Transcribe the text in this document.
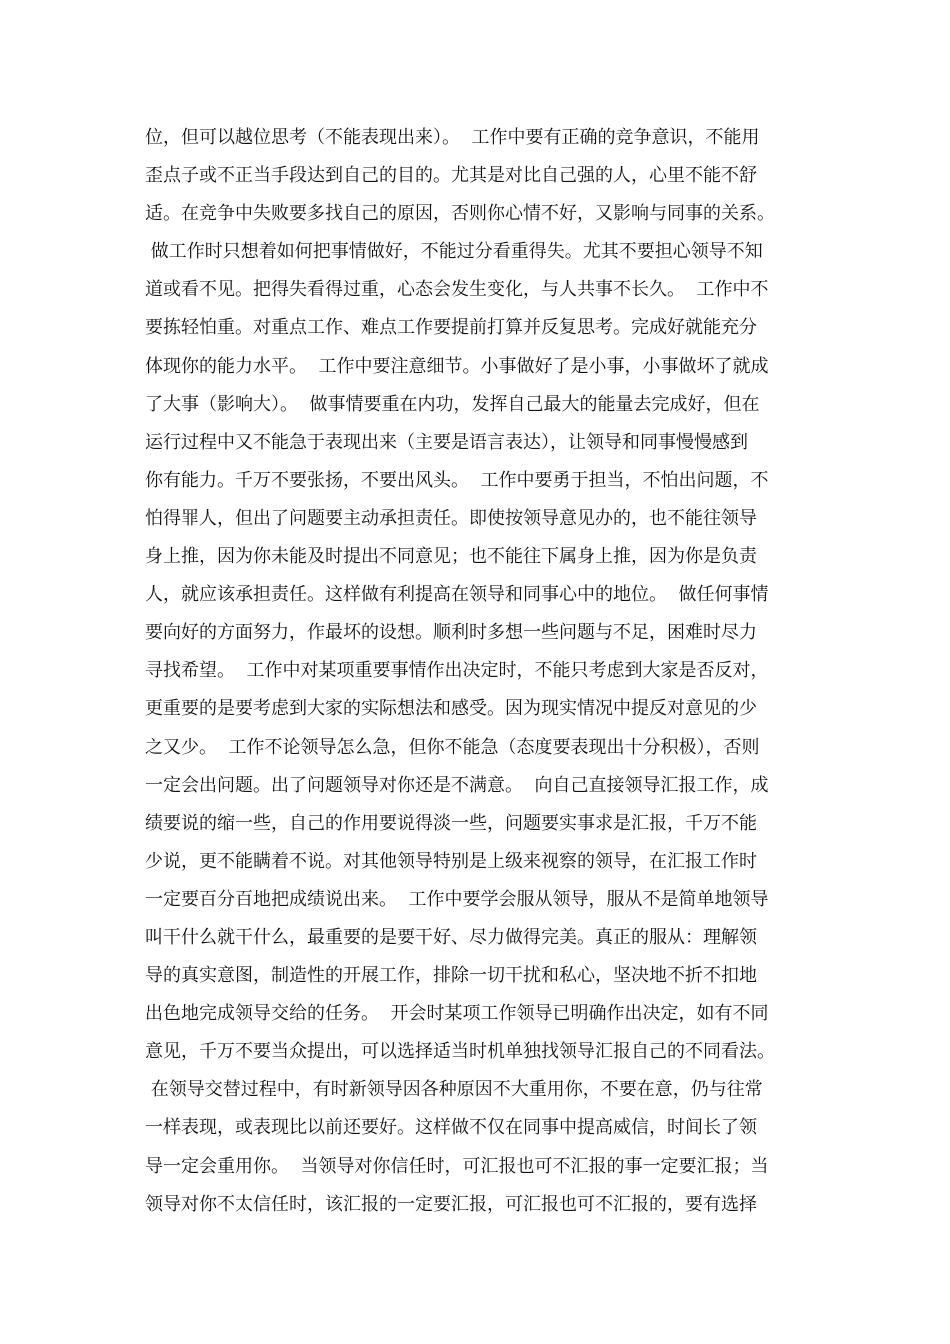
位，但可以越位思考（不能表现出来）。  工作中要有正确的竞争意识，不能用
歪点子或不正当手段达到自己的目的。尤其是对比自己强的人，心里不能不舒
适。在竞争中失败要多找自己的原因，否则你心情不好，又影响与同事的关系。
做工作时只想着如何把事情做好，不能过分看重得失。尤其不要担心领导不知
道或看不见。把得失看得过重，心态会发生变化，与人共事不长久。  工作中不
要拣轻怕重。对重点工作、难点工作要提前打算并反复思考。完成好就能充分
体现你的能力水平。  工作中要注意细节。小事做好了是小事，小事做坏了就成
了大事（影响大）。  做事情要重在内功，发挥自己最大的能量去完成好，但在
运行过程中又不能急于表现出来（主要是语言表达），让领导和同事慢慢感到
你有能力。千万不要张扬，不要出风头。  工作中要勇于担当，不怕出问题，不
怕得罪人，但出了问题要主动承担责任。即使按领导意见办的，也不能往领导
身上推，因为你未能及时提出不同意见；也不能往下属身上推，因为你是负责
人，就应该承担责任。这样做有利提高在领导和同事心中的地位。  做任何事情
要向好的方面努力，作最坏的设想。顺利时多想一些问题与不足，困难时尽力
寻找希望。  工作中对某项重要事情作出决定时，不能只考虑到大家是否反对，
更重要的是要考虑到大家的实际想法和感受。因为现实情况中提反对意见的少
之又少。  工作不论领导怎么急，但你不能急（态度要表现出十分积极），否则
一定会出问题。出了问题领导对你还是不满意。  向自己直接领导汇报工作，成
绩要说的缩一些，自己的作用要说得淡一些，问题要实事求是汇报，千万不能
少说，更不能瞒着不说。对其他领导特别是上级来视察的领导，在汇报工作时
一定要百分百地把成绩说出来。  工作中要学会服从领导，服从不是简单地领导
叫干什么就干什么，最重要的是要干好、尽力做得完美。真正的服从：理解领
导的真实意图，制造性的开展工作，排除一切干扰和私心，坚决地不折不扣地
出色地完成领导交给的任务。  开会时某项工作领导已明确作出决定，如有不同
意见，千万不要当众提出，可以选择适当时机单独找领导汇报自己的不同看法。
在领导交替过程中，有时新领导因各种原因不大重用你，不要在意，仍与往常
一样表现，或表现比以前还要好。这样做不仅在同事中提高威信，时间长了领
导一定会重用你。  当领导对你信任时，可汇报也可不汇报的事一定要汇报；当
领导对你不太信任时，该汇报的一定要汇报，可汇报也可不汇报的，要有选择
